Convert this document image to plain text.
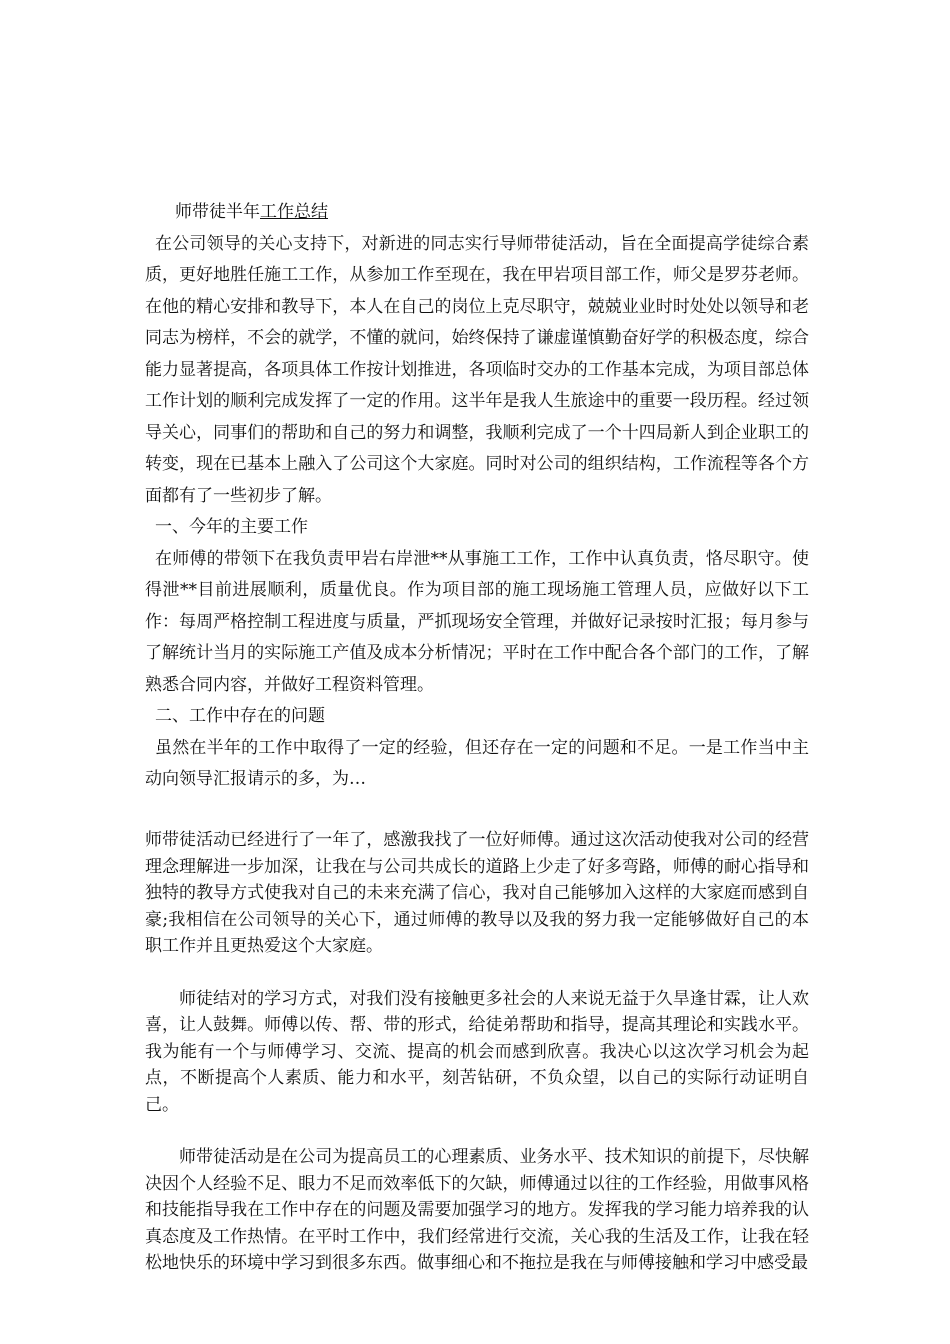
师带徒半年工作总结

在公司领导的关心支持下，对新进的同志实行导师带徒活动，旨在全面提高学徒综合素质，更好地胜任施工工作，从参加工作至现在，我在甲岩项目部工作，师父是罗芬老师。在他的精心安排和教导下，本人在自己的岗位上克尽职守，兢兢业业时时处处以领导和老同志为榜样，不会的就学，不懂的就问，始终保持了谦虚谨慎勤奋好学的积极态度，综合能力显著提高，各项具体工作按计划推进，各项临时交办的工作基本完成，为项目部总体工作计划的顺利完成发挥了一定的作用。这半年是我人生旅途中的重要一段历程。经过领导关心，同事们的帮助和自己的努力和调整，我顺利完成了一个十四局新人到企业职工的转变，现在已基本上融入了公司这个大家庭。同时对公司的组织结构，工作流程等各个方面都有了一些初步了解。

一、今年的主要工作

在师傅的带领下在我负责甲岩右岸泄**从事施工工作，工作中认真负责，恪尽职守。使得泄**目前进展顺利，质量优良。作为项目部的施工现场施工管理人员，应做好以下工作：每周严格控制工程进度与质量，严抓现场安全管理，并做好记录按时汇报；每月参与了解统计当月的实际施工产值及成本分析情况；平时在工作中配合各个部门的工作，了解熟悉合同内容，并做好工程资料管理。

二、工作中存在的问题

虽然在半年的工作中取得了一定的经验，但还存在一定的问题和不足。一是工作当中主动向领导汇报请示的多，为…

师带徒活动已经进行了一年了，感激我找了一位好师傅。通过这次活动使我对公司的经营理念理解进一步加深，让我在与公司共成长的道路上少走了好多弯路，师傅的耐心指导和独特的教导方式使我对自己的未来充满了信心，我对自己能够加入这样的大家庭而感到自豪;我相信在公司领导的关心下，通过师傅的教导以及我的努力我一定能够做好自己的本职工作并且更热爱这个大家庭。

师徒结对的学习方式，对我们没有接触更多社会的人来说无益于久旱逢甘霖，让人欢喜，让人鼓舞。师傅以传、帮、带的形式，给徒弟帮助和指导，提高其理论和实践水平。我为能有一个与师傅学习、交流、提高的机会而感到欣喜。我决心以这次学习机会为起点，不断提高个人素质、能力和水平，刻苦钻研，不负众望，以自己的实际行动证明自己。

师带徒活动是在公司为提高员工的心理素质、业务水平、技术知识的前提下，尽快解决因个人经验不足、眼力不足而效率低下的欠缺，师傅通过以往的工作经验，用做事风格和技能指导我在工作中存在的问题及需要加强学习的地方。发挥我的学习能力培养我的认真态度及工作热情。在平时工作中，我们经常进行交流，关心我的生活及工作，让我在轻松地快乐的环境中学习到很多东西。做事细心和不拖拉是我在与师傅接触和学习中感受最
